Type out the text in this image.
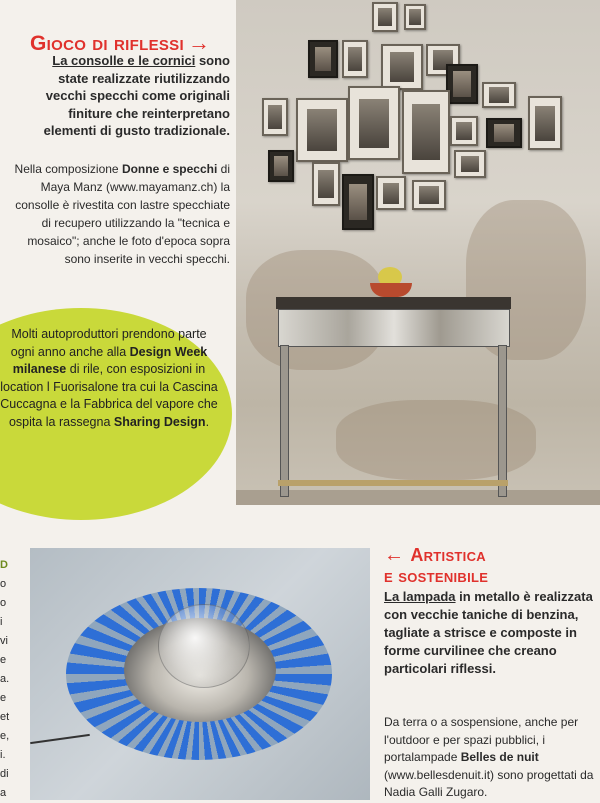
Gioco di riflessi →
La consolle e le cornici sono state realizzate riutilizzando vecchi specchi come originali finiture che reinterpretano elementi di gusto tradizionale.
Nella composizione Donne e specchi di Maya Manz (www.mayamanz.ch) la consolle è rivestita con lastre specchiate di recupero utilizzando la "tecnica e mosaico"; anche le foto d'epoca sopra sono inserite in vecchi specchi.
Molti autoproduttori prendono parte ogni anno anche alla Design Week milanese di rile, con esposizioni in location l Fuorisalone tra cui la Cascina Cuccagna e la Fabbrica del vapore che ospita la rassegna Sharing Design.
D
o
o
i
vi
e
a.
e
et
e,
i.
di
a
← Artistica
e sostenibile
La lampada in metallo è realizzata con vecchie taniche di benzina, tagliate a strisce e composte in forme curvilinee che creano particolari riflessi.
Da terra o a sospensione, anche per l'outdoor e per spazi pubblici, i portalampade Belles de nuit (www.bellesdenuit.it) sono progettati da Nadia Galli Zugaro.
